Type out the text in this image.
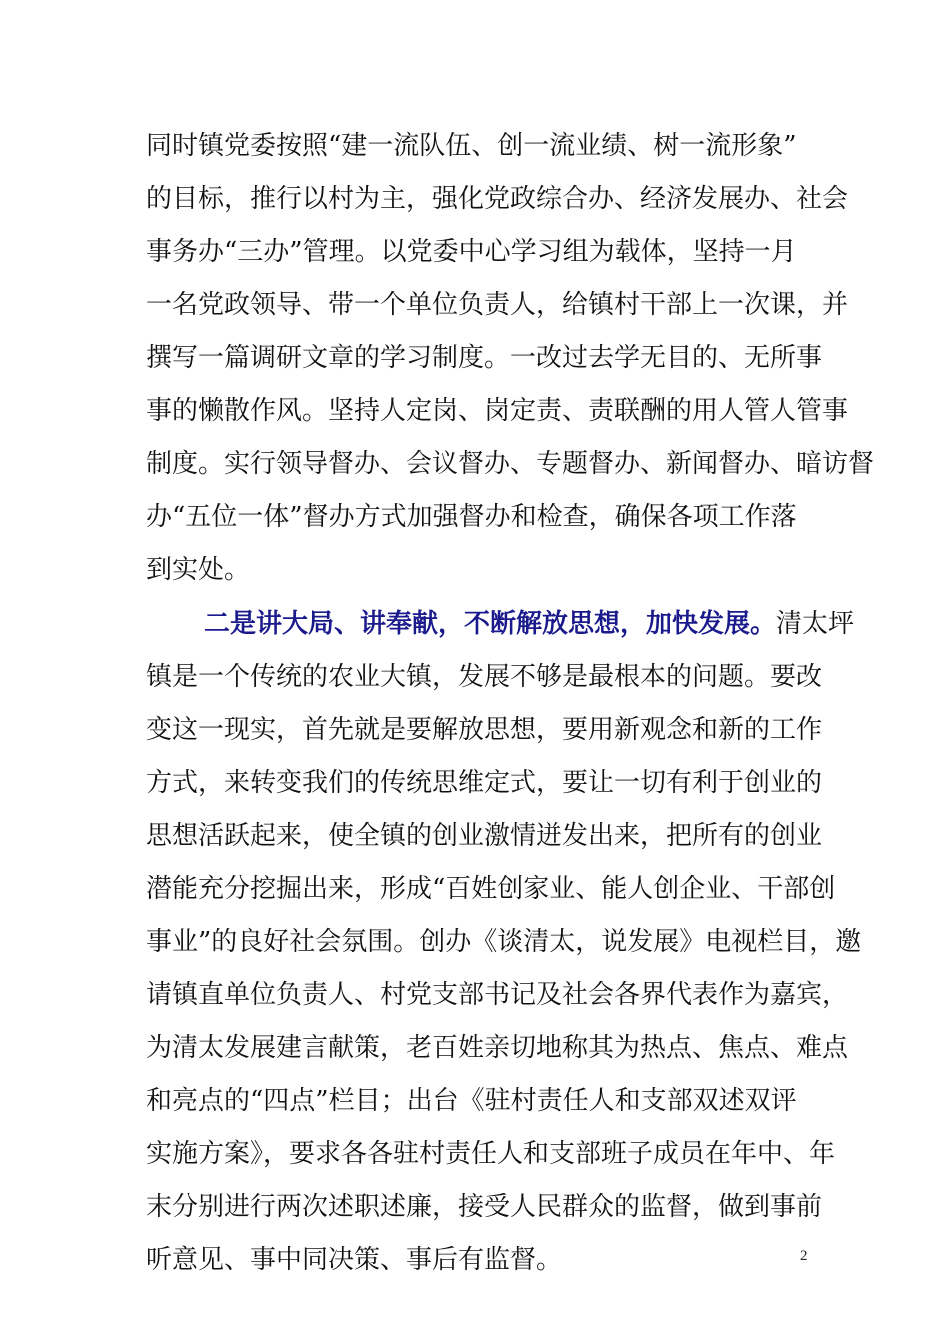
同时镇党委按照“建一流队伍、创一流业绩、树一流形象”
的目标，推行以村为主，强化党政综合办、经济发展办、社会
事务办“三办”管理。以党委中心学习组为载体，坚持一月
一名党政领导、带一个单位负责人，给镇村干部上一次课，并
撰写一篇调研文章的学习制度。一改过去学无目的、无所事
事的懒散作风。坚持人定岗、岗定责、责联酬的用人管人管事
制度。实行领导督办、会议督办、专题督办、新闻督办、暗访督
办“五位一体”督办方式加强督办和检查，确保各项工作落
到实处。
二是讲大局、讲奉献，不断解放思想，加快发展。清太坪
镇是一个传统的农业大镇，发展不够是最根本的问题。要改
变这一现实，首先就是要解放思想，要用新观念和新的工作
方式，来转变我们的传统思维定式，要让一切有利于创业的
思想活跃起来，使全镇的创业激情迸发出来，把所有的创业
潜能充分挖掘出来，形成“百姓创家业、能人创企业、干部创
事业”的良好社会氛围。创办《谈清太，说发展》电视栏目，邀
请镇直单位负责人、村党支部书记及社会各界代表作为嘉宾，
为清太发展建言献策，老百姓亲切地称其为热点、焦点、难点
和亮点的“四点”栏目；出台《驻村责任人和支部双述双评
实施方案》，要求各各驻村责任人和支部班子成员在年中、年
末分别进行两次述职述廉，接受人民群众的监督，做到事前
听意见、事中同决策、事后有监督。	2
